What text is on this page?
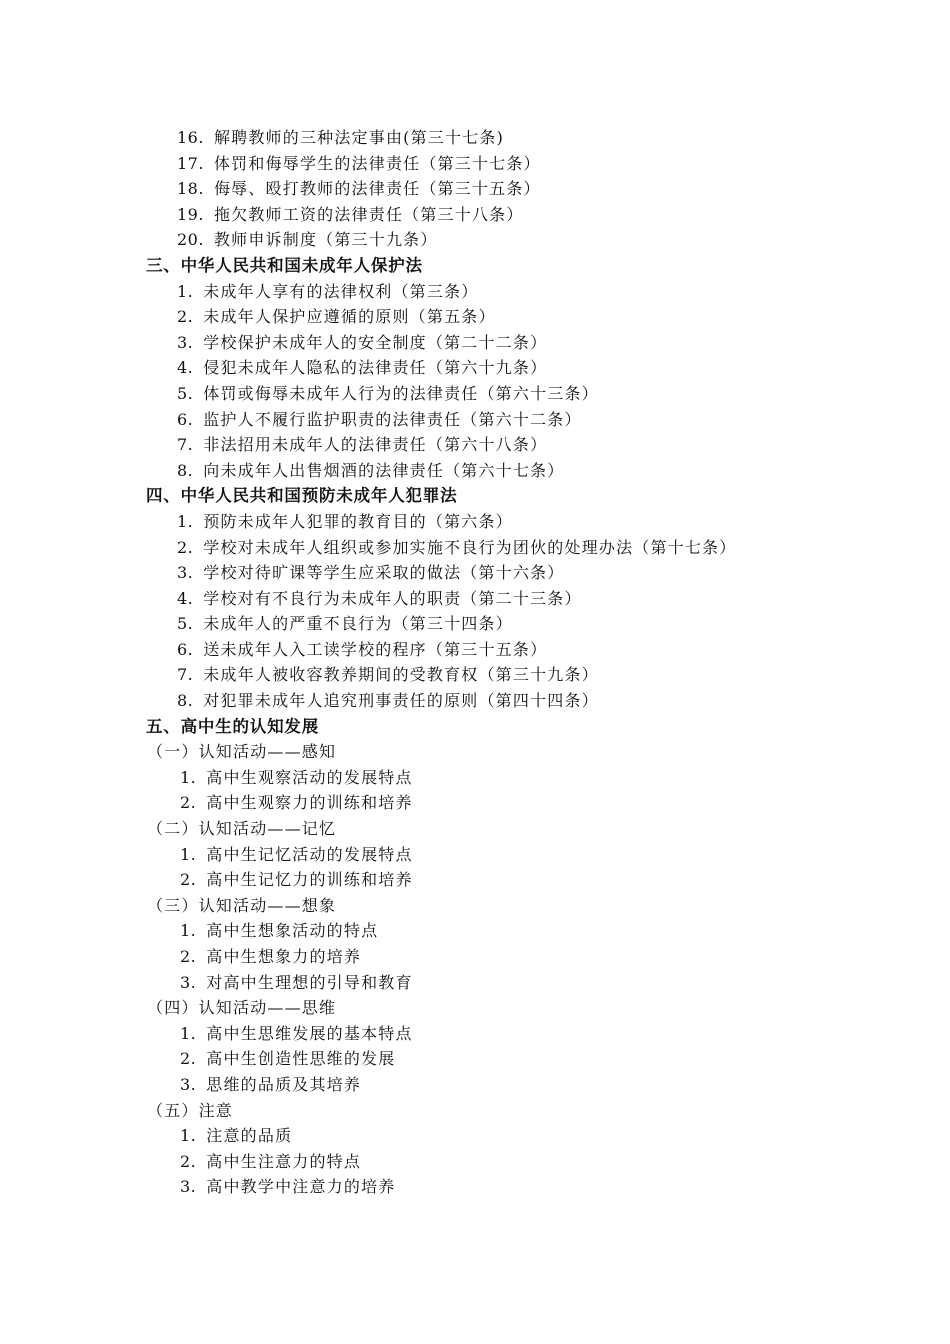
16. 解聘教师的三种法定事由(第三十七条)
17. 体罚和侮辱学生的法律责任（第三十七条）
18. 侮辱、殴打教师的法律责任（第三十五条）
19. 拖欠教师工资的法律责任（第三十八条）
20. 教师申诉制度（第三十九条）
三、中华人民共和国未成年人保护法
1. 未成年人享有的法律权利（第三条）
2. 未成年人保护应遵循的原则（第五条）
3. 学校保护未成年人的安全制度（第二十二条）
4. 侵犯未成年人隐私的法律责任（第六十九条）
5. 体罚或侮辱未成年人行为的法律责任（第六十三条）
6. 监护人不履行监护职责的法律责任（第六十二条）
7. 非法招用未成年人的法律责任（第六十八条）
8. 向未成年人出售烟酒的法律责任（第六十七条）
四、中华人民共和国预防未成年人犯罪法
1. 预防未成年人犯罪的教育目的（第六条）
2. 学校对未成年人组织或参加实施不良行为团伙的处理办法（第十七条）
3. 学校对待旷课等学生应采取的做法（第十六条）
4. 学校对有不良行为未成年人的职责（第二十三条）
5. 未成年人的严重不良行为（第三十四条）
6. 送未成年人入工读学校的程序（第三十五条）
7. 未成年人被收容教养期间的受教育权（第三十九条）
8. 对犯罪未成年人追究刑事责任的原则（第四十四条）
五、高中生的认知发展
（一）认知活动——感知
1. 高中生观察活动的发展特点
2. 高中生观察力的训练和培养
（二）认知活动——记忆
1. 高中生记忆活动的发展特点
2. 高中生记忆力的训练和培养
（三）认知活动——想象
1. 高中生想象活动的特点
2. 高中生想象力的培养
3. 对高中生理想的引导和教育
（四）认知活动——思维
1. 高中生思维发展的基本特点
2. 高中生创造性思维的发展
3. 思维的品质及其培养
（五）注意
1. 注意的品质
2. 高中生注意力的特点
3. 高中教学中注意力的培养
